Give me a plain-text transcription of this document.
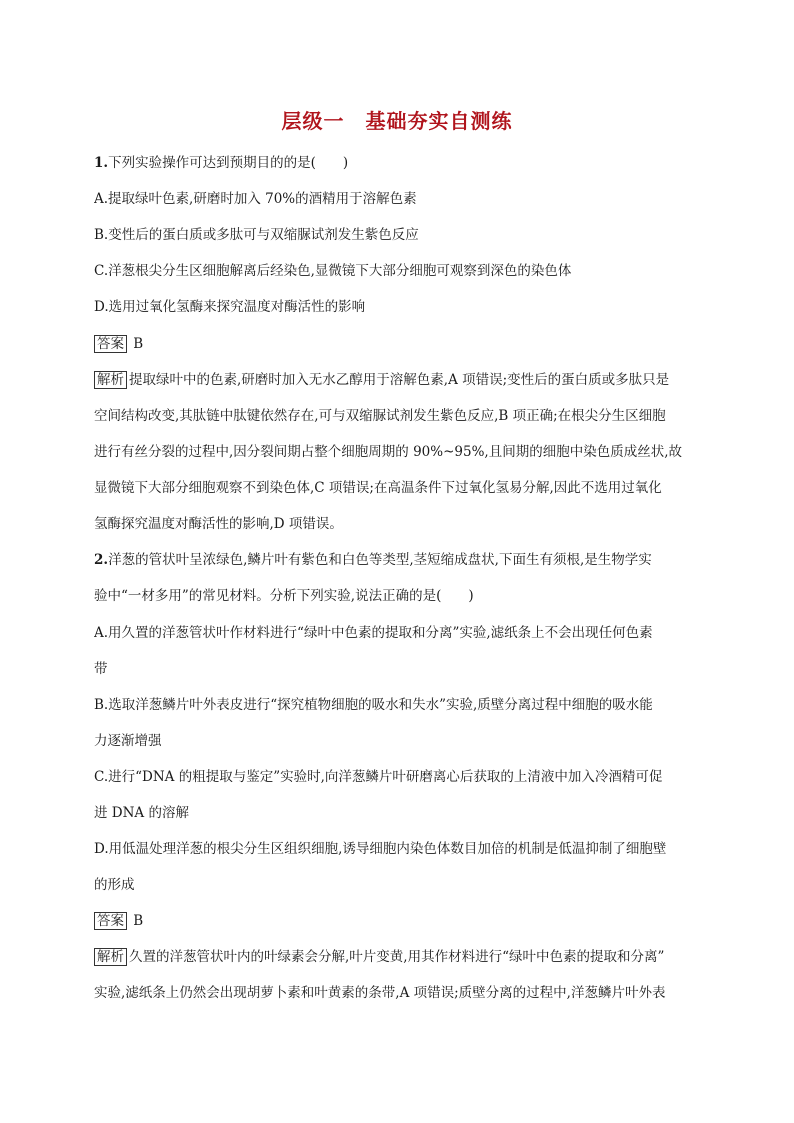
层级一　基础夯实自测练
1.下列实验操作可达到预期目的的是(　　)
A.提取绿叶色素,研磨时加入 70%的酒精用于溶解色素
B.变性后的蛋白质或多肽可与双缩脲试剂发生紫色反应
C.洋葱根尖分生区细胞解离后经染色,显微镜下大部分细胞可观察到深色的染色体
D.选用过氧化氢酶来探究温度对酶活性的影响
答案 B
解析 提取绿叶中的色素,研磨时加入无水乙醇用于溶解色素,A 项错误;变性后的蛋白质或多肽只是
空间结构改变,其肽链中肽键依然存在,可与双缩脲试剂发生紫色反应,B 项正确;在根尖分生区细胞
进行有丝分裂的过程中,因分裂间期占整个细胞周期的 90%~95%,且间期的细胞中染色质成丝状,故
显微镜下大部分细胞观察不到染色体,C 项错误;在高温条件下过氧化氢易分解,因此不选用过氧化
氢酶探究温度对酶活性的影响,D 项错误。
2.洋葱的管状叶呈浓绿色,鳞片叶有紫色和白色等类型,茎短缩成盘状,下面生有须根,是生物学实
验中“一材多用”的常见材料。分析下列实验,说法正确的是(　　)
A.用久置的洋葱管状叶作材料进行“绿叶中色素的提取和分离”实验,滤纸条上不会出现任何色素
带
B.选取洋葱鳞片叶外表皮进行“探究植物细胞的吸水和失水”实验,质壁分离过程中细胞的吸水能
力逐渐增强
C.进行“DNA 的粗提取与鉴定”实验时,向洋葱鳞片叶研磨离心后获取的上清液中加入冷酒精可促
进 DNA 的溶解
D.用低温处理洋葱的根尖分生区组织细胞,诱导细胞内染色体数目加倍的机制是低温抑制了细胞壁
的形成
答案 B
解析 久置的洋葱管状叶内的叶绿素会分解,叶片变黄,用其作材料进行“绿叶中色素的提取和分离”
实验,滤纸条上仍然会出现胡萝卜素和叶黄素的条带,A 项错误;质壁分离的过程中,洋葱鳞片叶外表
